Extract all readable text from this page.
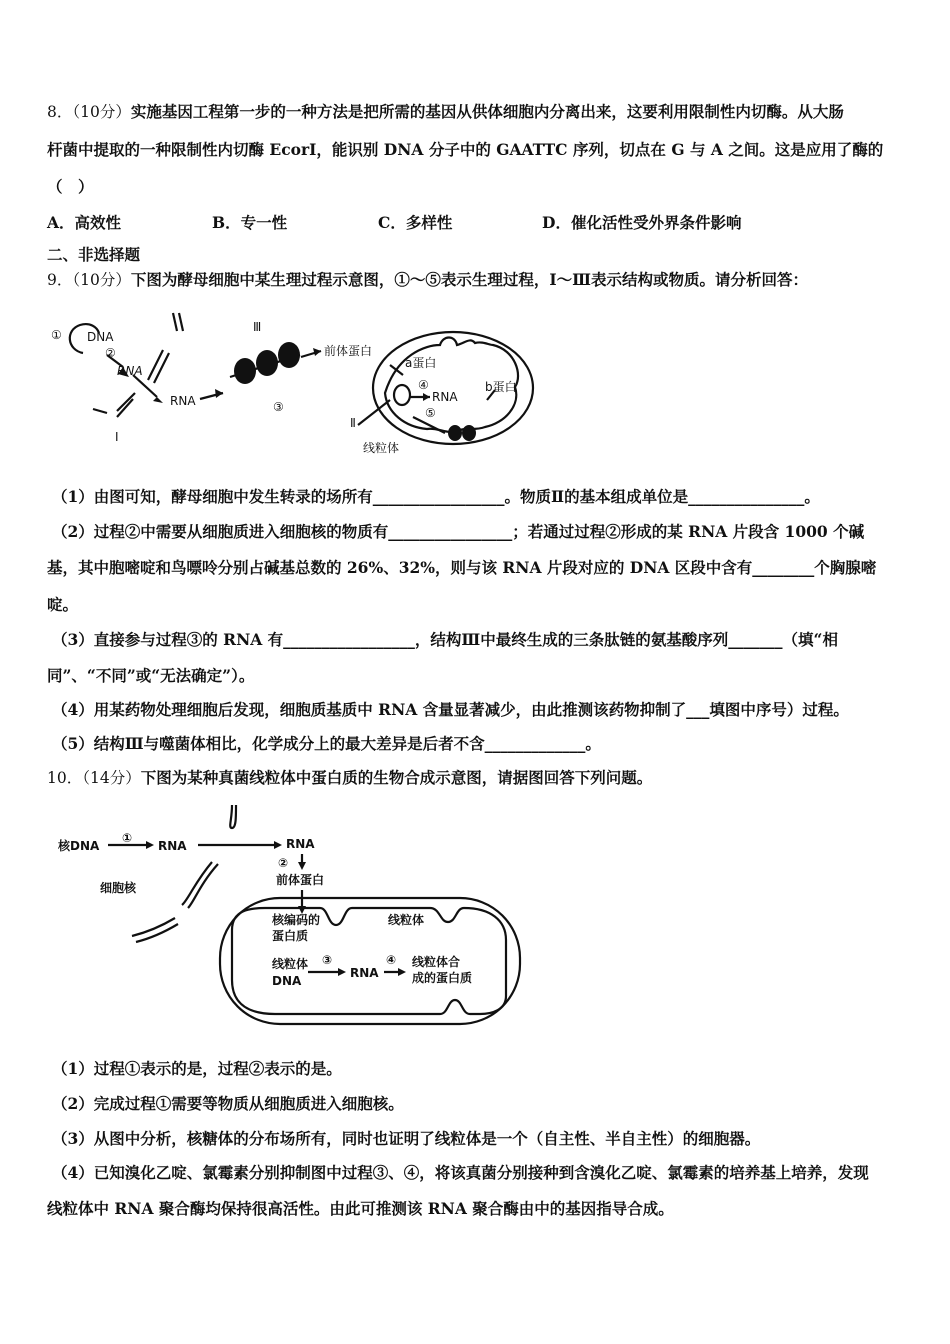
8．（10分）实施基因工程第一步的一种方法是把所需的基因从供体细胞内分离出来，这要利用限制性内切酶。从大肠
杆菌中提取的一种限制性内切酶 EcorI，能识别 DNA 分子中的 GAATTC 序列，切点在 G 与 A 之间。这是应用了酶的
（　）
A．高效性	B．专一性	C．多样性	D．催化活性受外界条件影响
二、非选择题
9．（10分）下图为酵母细胞中某生理过程示意图，①～⑤表示生理过程，Ⅰ～Ⅲ表示结构或物质。请分析回答：
① DNA
②
RNA
RNA
Ⅰ
Ⅲ
③
前体蛋白
a蛋白
④
RNA
b蛋白
⑤
Ⅱ
线粒体
（1）由图可知，酵母细胞中发生转录的场所有_________________。物质Ⅱ的基本组成单位是_______________。
（2）过程②中需要从细胞质进入细胞核的物质有________________；若通过过程②形成的某 RNA 片段含 1000 个碱
基，其中胞嘧啶和鸟嘌呤分别占碱基总数的 26%、32%，则与该 RNA 片段对应的 DNA 区段中含有________个胸腺嘧
啶。
（3）直接参与过程③的 RNA 有_________________，结构Ⅲ中最终生成的三条肽链的氨基酸序列_______（填“相
同”、“不同”或“无法确定”）。
（4）用某药物处理细胞后发现，细胞质基质中 RNA 含量显著减少，由此推测该药物抑制了___填图中序号）过程。
（5）结构Ⅲ与噬菌体相比，化学成分上的最大差异是后者不含_____________。
10．（14分）下图为某种真菌线粒体中蛋白质的生物合成示意图，请据图回答下列问题。
核DNA
①
RNA	RNA
②
前体蛋白
细胞核
核编码的
蛋白质
线粒体
线粒体
DNA
③
RNA
④ 线粒体合
成的蛋白质
（1）过程①表示的是，过程②表示的是。
（2）完成过程①需要等物质从细胞质进入细胞核。
（3）从图中分析，核糖体的分布场所有，同时也证明了线粒体是一个（自主性、半自主性）的细胞器。
（4）已知溴化乙啶、氯霉素分别抑制图中过程③、④，将该真菌分别接种到含溴化乙啶、氯霉素的培养基上培养，发现
线粒体中 RNA 聚合酶均保持很高活性。由此可推测该 RNA 聚合酶由中的基因指导合成。
